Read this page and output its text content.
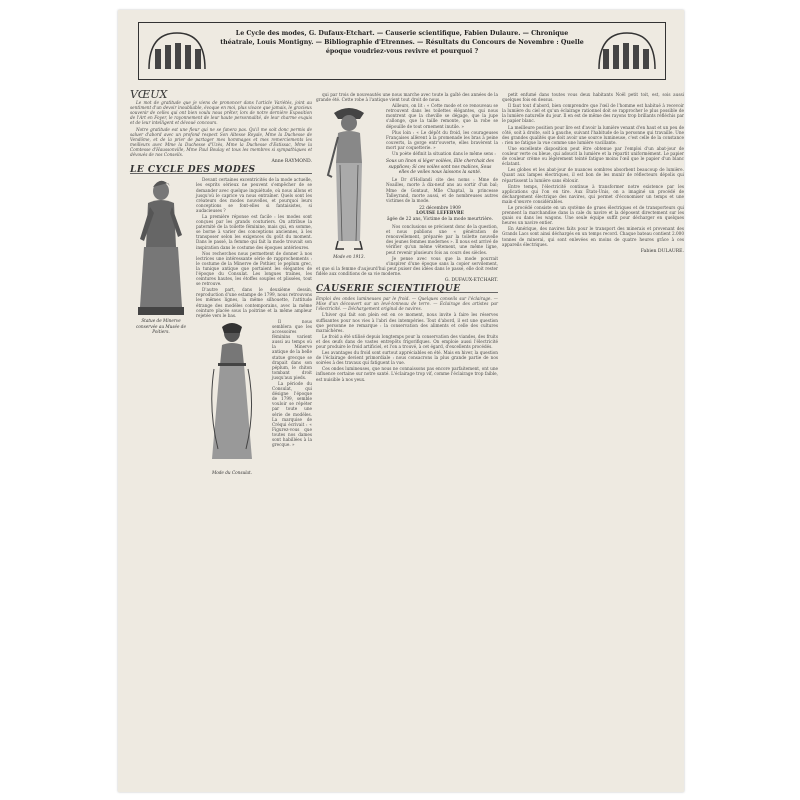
Le Cycle des modes, G. Dufaux-Etchart. — Causerie scientifique, Fabien Dulaure. — Chronique théatrale, Louis Montigny. — Bibliographie d'Etrennes. — Résultats du Concours de Novembre : Quelle époque voudriez-vous revivre et pourquoi ?
VŒUX

Le mot de gratitude que je viens de prononcer dans l'article Variétés, joint au sentiment d'un devoir inoubliable, évoque en moi, plus vivace que jamais, le gracieux souvenir de celles qui ont bien voulu nous prêter, lors de notre dernière Exposition de l'Art en Foyer, le rayonnement de leur haute personnalité, de leur charme exquis et de leur intelligent et dévoué concours.

Notre gratitude est une fleur qui ne se fanera pas. Qu'il me soit donc permis de saluer d'abord avec un profond respect Son Altesse Royale, Mme la Duchesse de Vendôme, et de la prier de partager mes hommages et mes remerciements les meilleurs avec Mme la Duchesse d'Uzès, Mme la Duchesse d'Estissac, Mme la Comtesse d'Haussonville, Mme Paul Boulay et tous les membres si sympathiques et dévoués de nos Conseils.

Anne RAYMOND.
LE CYCLE DES MODES
Statue de Minerve conservée au Musée de Poitiers.

Devant certaines excentricités de la mode actuelle, les esprits sérieux ne peuvent s'empêcher de se demander avec quelque inquiétude, où nous allons et jusqu'où le caprice va nous entraîner. Quels sont les créateurs des modes nouvelles, et pourquoi leurs conceptions se font-elles si fantaisistes, si audacieuses ?

La première réponse est facile : les modes sont conçues par les grands couturiers. On attribue la paternité de la toilette féminine, mais qui, en somme, se borne à varier des conceptions anciennes, à les transposer selon les exigences du goût du moment. Dans le passé, la femme qui fait la mode trouvait son inspiration dans le costume des époques antérieures.

Nos recherches nous permettent de donner à nos lectrices une intéressante série de rapprochements : le costume de la Minerve de Pothier, le peplum grec, la tunique antique que portaient les élégantes de l'époque du Consulat. Les longues traînes, les ceintures hautes, les étoffes souples et plissées, tout se retrouve.

D'autre part, dans le deuxième dessin, reproduction d'une estampe de 1799, nous retrouvons les mêmes lignes, la même silhouette, l'attitude étrange des modèles contemporains, avec la même ceinture placée sous la poitrine et la même ampleur rejetée vers le bas.

Mode du Consulat.

Il nous semblera que les accessoires féminins varient aussi au temps où la Minerve antique de la belle statue grecque se drapait dans son péplum, le chiton tombant droit jusqu'aux pieds.

La période du Consulat, qui désigne l'époque de 1799, semble vouloir se répéter par toute une série de modèles. La marquise de Crèqui écrivait : « Figurez-vous que toutes nos dames sont habillées à la grecque. »

qui par trois de nouveautés une nous marche avec toute la gaîté des années de la grande été. Cette robe à l'antique vient tout droit de nous.

Mode en 1913.

Ailleurs, on lit : « Cette mode et ce renouveau se retrouvent dans les toilettes élégantes, qui nous montrent que la cheville se dégage, que la jupe s'allonge, que la taille remonte, que la robe se dépouille de tout ornement inutile. »

Plus loin : « Le dépôt du froid, les courageuses Françaises allèrent à la promenade les bras à peine couverts, la gorge entr'ouverte, elles bravèrent la mort par coquetterie. »

Un poète définit la situation dans le même sens :

Sous un linon si léger voilées, Elle cherchait des supplices; Si ces voiles sont nos malices, Sous elles de voiles nous laissons la santé.

Le Dr d'Hollandi cite des noms : Mme de Noailles, morte à dix-neuf ans au sortir d'un bal; Mme de Gontaut, Mlle Chaptal, la princesse Talleyrand, morte aussi, et de nombreuses autres victimes de la mode.

22 décembre 1909
LOUISE LEFEBVRE
âgée de 22 ans, Victime de la mode meurtrière.

Nos conclusions se précisent donc de la question, et nous publions une « génération de renouvellement, préparée par la toilette nouvelle des jeunes femmes modernes ». Il nous est arrivé de vérifier qu'un même vêtement, une même ligne, peut revenir plusieurs fois au cours des siècles.

Je pense avec vous que la mode pourrait s'inspirer d'une époque sans la copier servilement, et que si la femme d'aujourd'hui peut puiser des idées dans le passé, elle doit rester fidèle aux conditions de sa vie moderne.

G. DUFAUX-ETCHART.
CAUSERIE SCIENTIFIQUE

Emploi des ondes lumineuses par le froid. — Quelques conseils sur l'éclairage. — Mise d'un découvert sur un levé-tonneau de terre. — Éclairage des artistes par l'électricité. — Déchargement original de navires.

L'hiver qui fait son plein est en ce moment, nous invite à faire les réserves suffisantes pour nos vies à l'abri des intempéries. Tout d'abord, il est une question que personne ne remarque : la conservation des aliments et celle des cultures maraîchères.

Le froid a été utilisé depuis longtemps pour la conservation des viandes, des fruits et des œufs dans de vastes entrepôts frigorifiques. On emploie aussi l'électricité pour produire le froid artificiel, et l'on a trouvé, à cet égard, d'excellents procédés.

Les avantages du froid sont surtout appréciables en été. Mais en hiver, la question de l'éclairage devient primordiale : nous consacrons la plus grande partie de nos soirées à des travaux qui fatiguent la vue.

Ces ondes lumineuses, que nous ne connaissons pas encore parfaitement, ont une influence certaine sur notre santé. L'éclairage trop vif, comme l'éclairage trop faible, est nuisible à nos yeux.

petit enfumé dans toutes vous deux habitants Noël petit toit, est, sois aussi quelques fois en dessus.

Il faut tout d'abord, bien comprendre que l'œil de l'homme est habitué à recevoir la lumière du ciel et qu'un éclairage rationnel doit se rapprocher le plus possible de la lumière naturelle du jour. Il en est de même des rayons trop brillants réfléchis par le papier blanc.

La meilleure position pour lire est d'avoir la lumière venant d'en haut et un peu de côté, soit à droite, soit à gauche, suivant l'habitude de la personne qui travaille. Une des grandes qualités que doit avoir une source lumineuse, c'est celle de la constance : rien ne fatigue la vue comme une lumière vacillante.

Une excellente disposition peut être obtenue par l'emploi d'un abat-jour de couleur verte ou bleue, qui adoucit la lumière et la répartit uniformément. Le papier de couleur crème ou légèrement teinté fatigue moins l'œil que le papier d'un blanc éclatant.

Les globes et les abat-jour de nuances sombres absorbent beaucoup de lumière. Quant aux lampes électriques, il est bon de les munir de réflecteurs dépolis qui répartissent la lumière sans éblouir.

Entre temps, l'électricité continue à transformer notre existence par les applications qui l'on en tire. Aux États-Unis, on a imaginé un procédé de déchargement électrique des navires, qui permet d'économiser un temps et une main-d'œuvre considérables.

Le procédé consiste en un système de grues électriques et de transporteurs qui prennent la marchandise dans la cale du navire et la déposent directement sur les quais ou dans les wagons. Une seule équipe suffit pour décharger en quelques heures un navire entier.

En Amérique, des navires faits pour le transport des minerais et provenant des Grands Lacs sont ainsi déchargés en un temps record. Chaque bateau contient 2.000 tonnes de minerai, qui sont enlevées en moins de quatre heures grâce à ces appareils électriques.

Fabien DULAURE.
